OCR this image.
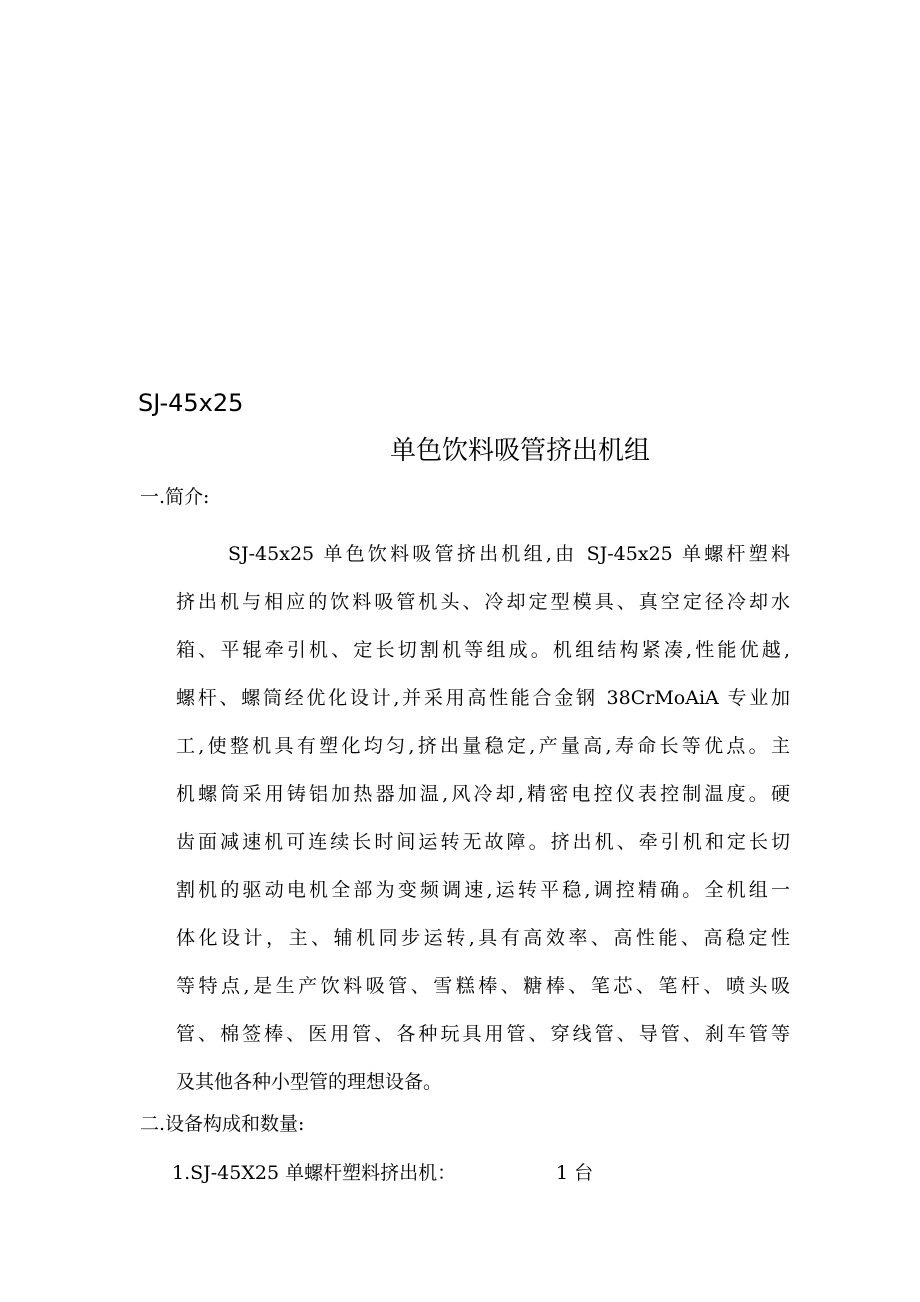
SJ-45x25
单色饮料吸管挤出机组
一.简介:
SJ-45x25 单色饮料吸管挤出机组,由 SJ-45x25 单螺杆塑料
挤出机与相应的饮料吸管机头、冷却定型模具、真空定径冷却水
箱、平辊牵引机、定长切割机等组成。机组结构紧凑,性能优越,
螺杆、螺筒经优化设计,并采用高性能合金钢 38CrMoAiA 专业加
工,使整机具有塑化均匀,挤出量稳定,产量高,寿命长等优点。主
机螺筒采用铸铝加热器加温,风冷却,精密电控仪表控制温度。硬
齿面减速机可连续长时间运转无故障。挤出机、牵引机和定长切
割机的驱动电机全部为变频调速,运转平稳,调控精确。全机组一
体化设计，主、辅机同步运转,具有高效率、高性能、高稳定性
等特点,是生产饮料吸管、雪糕棒、糖棒、笔芯、笔杆、喷头吸
管、棉签棒、医用管、各种玩具用管、穿线管、导管、刹车管等
及其他各种小型管的理想设备。
二.设备构成和数量:
1.SJ-45X25 单螺杆塑料挤出机：	1 台
